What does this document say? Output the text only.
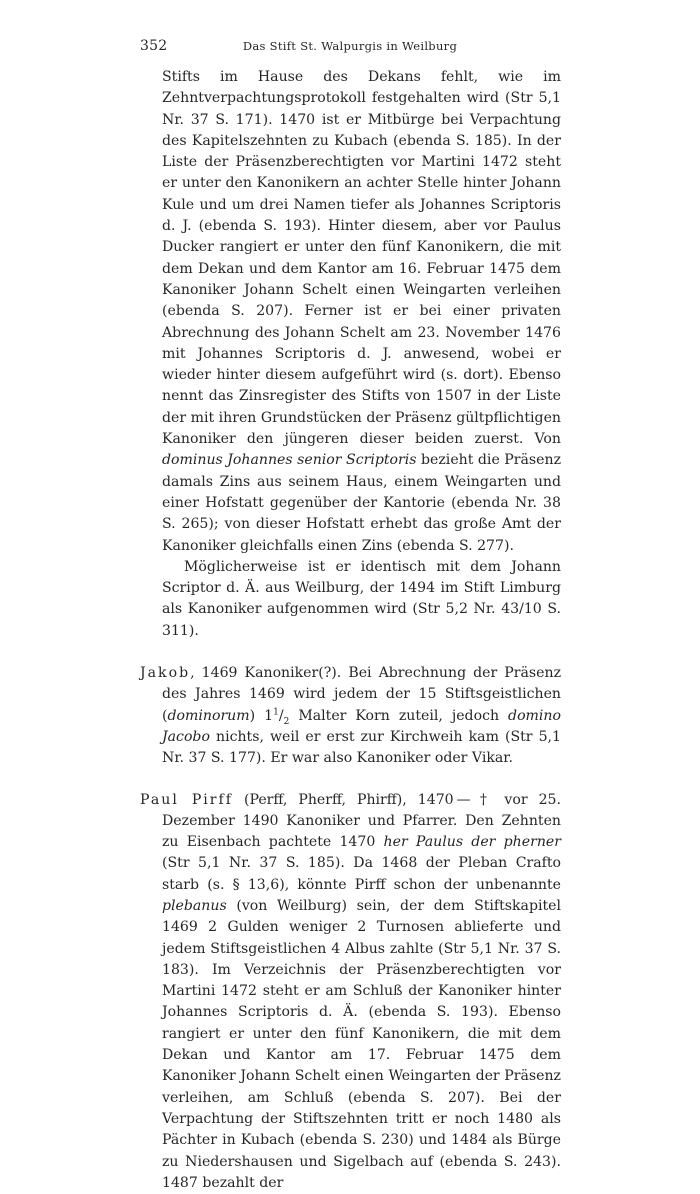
352	Das Stift St. Walpurgis in Weilburg

Stifts im Hause des Dekans fehlt, wie im Zehntverpachtungsprotokoll festgehalten wird (Str 5,1 Nr. 37 S. 171). 1470 ist er Mitbürge bei Verpachtung des Kapitelszehnten zu Kubach (ebenda S. 185). In der Liste der Präsenzberechtigten vor Martini 1472 steht er unter den Kanonikern an achter Stelle hinter Johann Kule und um drei Namen tiefer als Johannes Scriptoris d. J. (ebenda S. 193). Hinter diesem, aber vor Paulus Ducker rangiert er unter den fünf Kanonikern, die mit dem Dekan und dem Kantor am 16. Februar 1475 dem Kanoniker Johann Schelt einen Weingarten verleihen (ebenda S. 207). Ferner ist er bei einer privaten Abrechnung des Johann Schelt am 23. November 1476 mit Johannes Scriptoris d. J. anwesend, wobei er wieder hinter diesem aufgeführt wird (s. dort). Ebenso nennt das Zinsregister des Stifts von 1507 in der Liste der mit ihren Grundstücken der Präsenz gültpflichtigen Kanoniker den jüngeren dieser beiden zuerst. Von dominus Johannes senior Scriptoris bezieht die Präsenz damals Zins aus seinem Haus, einem Weingarten und einer Hofstatt gegenüber der Kantorie (ebenda Nr. 38 S. 265); von dieser Hofstatt erhebt das große Amt der Kanoniker gleichfalls einen Zins (ebenda S. 277).

Möglicherweise ist er identisch mit dem Johann Scriptor d. Ä. aus Weilburg, der 1494 im Stift Limburg als Kanoniker aufgenommen wird (Str 5,2 Nr. 43/10 S. 311).

Jakob, 1469 Kanoniker(?). Bei Abrechnung der Präsenz des Jahres 1469 wird jedem der 15 Stiftsgeistlichen (dominorum) $1^1/_2$ Malter Korn zuteil, jedoch domino Jacobo nichts, weil er erst zur Kirchweih kam (Str 5,1 Nr. 37 S. 177). Er war also Kanoniker oder Vikar.

Paul Pirff (Perff, Pherff, Phirff), 1470 — † vor 25. Dezember 1490 Kanoniker und Pfarrer. Den Zehnten zu Eisenbach pachtete 1470 her Paulus der pherner (Str 5,1 Nr. 37 S. 185). Da 1468 der Pleban Crafto starb (s. § 13,6), könnte Pirff schon der unbenannte plebanus (von Weilburg) sein, der dem Stiftskapitel 1469 2 Gulden weniger 2 Turnosen ablieferte und jedem Stiftsgeistlichen 4 Albus zahlte (Str 5,1 Nr. 37 S. 183). Im Verzeichnis der Präsenzberechtigten vor Martini 1472 steht er am Schluß der Kanoniker hinter Johannes Scriptoris d. Ä. (ebenda S. 193). Ebenso rangiert er unter den fünf Kanonikern, die mit dem Dekan und Kantor am 17. Februar 1475 dem Kanoniker Johann Schelt einen Weingarten der Präsenz verleihen, am Schluß (ebenda S. 207). Bei der Verpachtung der Stiftszehnten tritt er noch 1480 als Pächter in Kubach (ebenda S. 230) und 1484 als Bürge zu Niedershausen und Sigelbach auf (ebenda S. 243). 1487 bezahlt der
